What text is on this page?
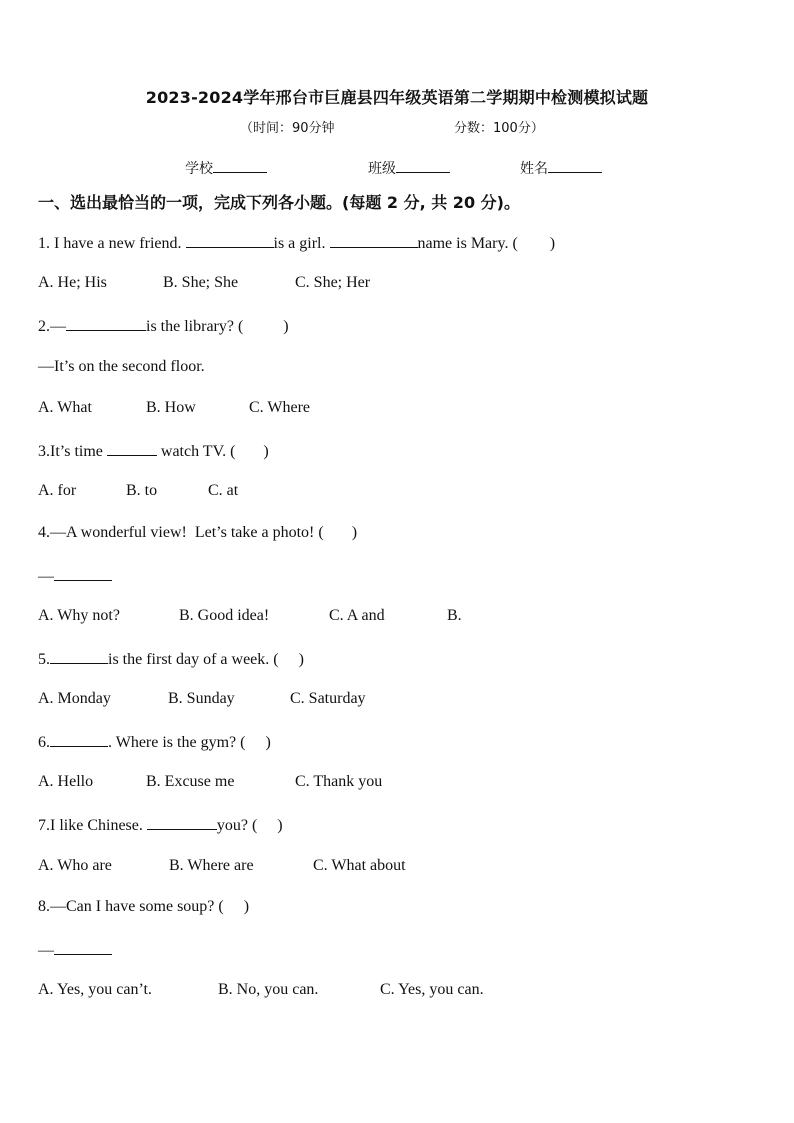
2023-2024学年邢台市巨鹿县四年级英语第二学期期中检测模拟试题
（时间：90分钟	分数：100分）
学校	班级	姓名
一、选出最恰当的一项，完成下列各小题。(每题 2 分, 共 20 分)。
1. I have a new friend.	is a girl.	name is Mary. (        )
A. He; His	B. She; She	C. She; Her
2.—	is the library? (          )
—It’s on the second floor.
A. What	B. How	C. Where
3.It’s time	watch TV. (       )
A. for	B. to	C. at
4.—A wonderful view!  Let’s take a photo! (       )
—
A. Why not?	B. Good idea!	C. A and	B.
5.	is the first day of a week. (     )
A. Monday	B. Sunday	C. Saturday
6.	. Where is the gym? (     )
A. Hello	B. Excuse me	C. Thank you
7.I like Chinese.	you? (     )
A. Who are	B. Where are	C. What about
8.—Can I have some soup? (     )
—
A. Yes, you can’t.	B. No, you can.	C. Yes, you can.
